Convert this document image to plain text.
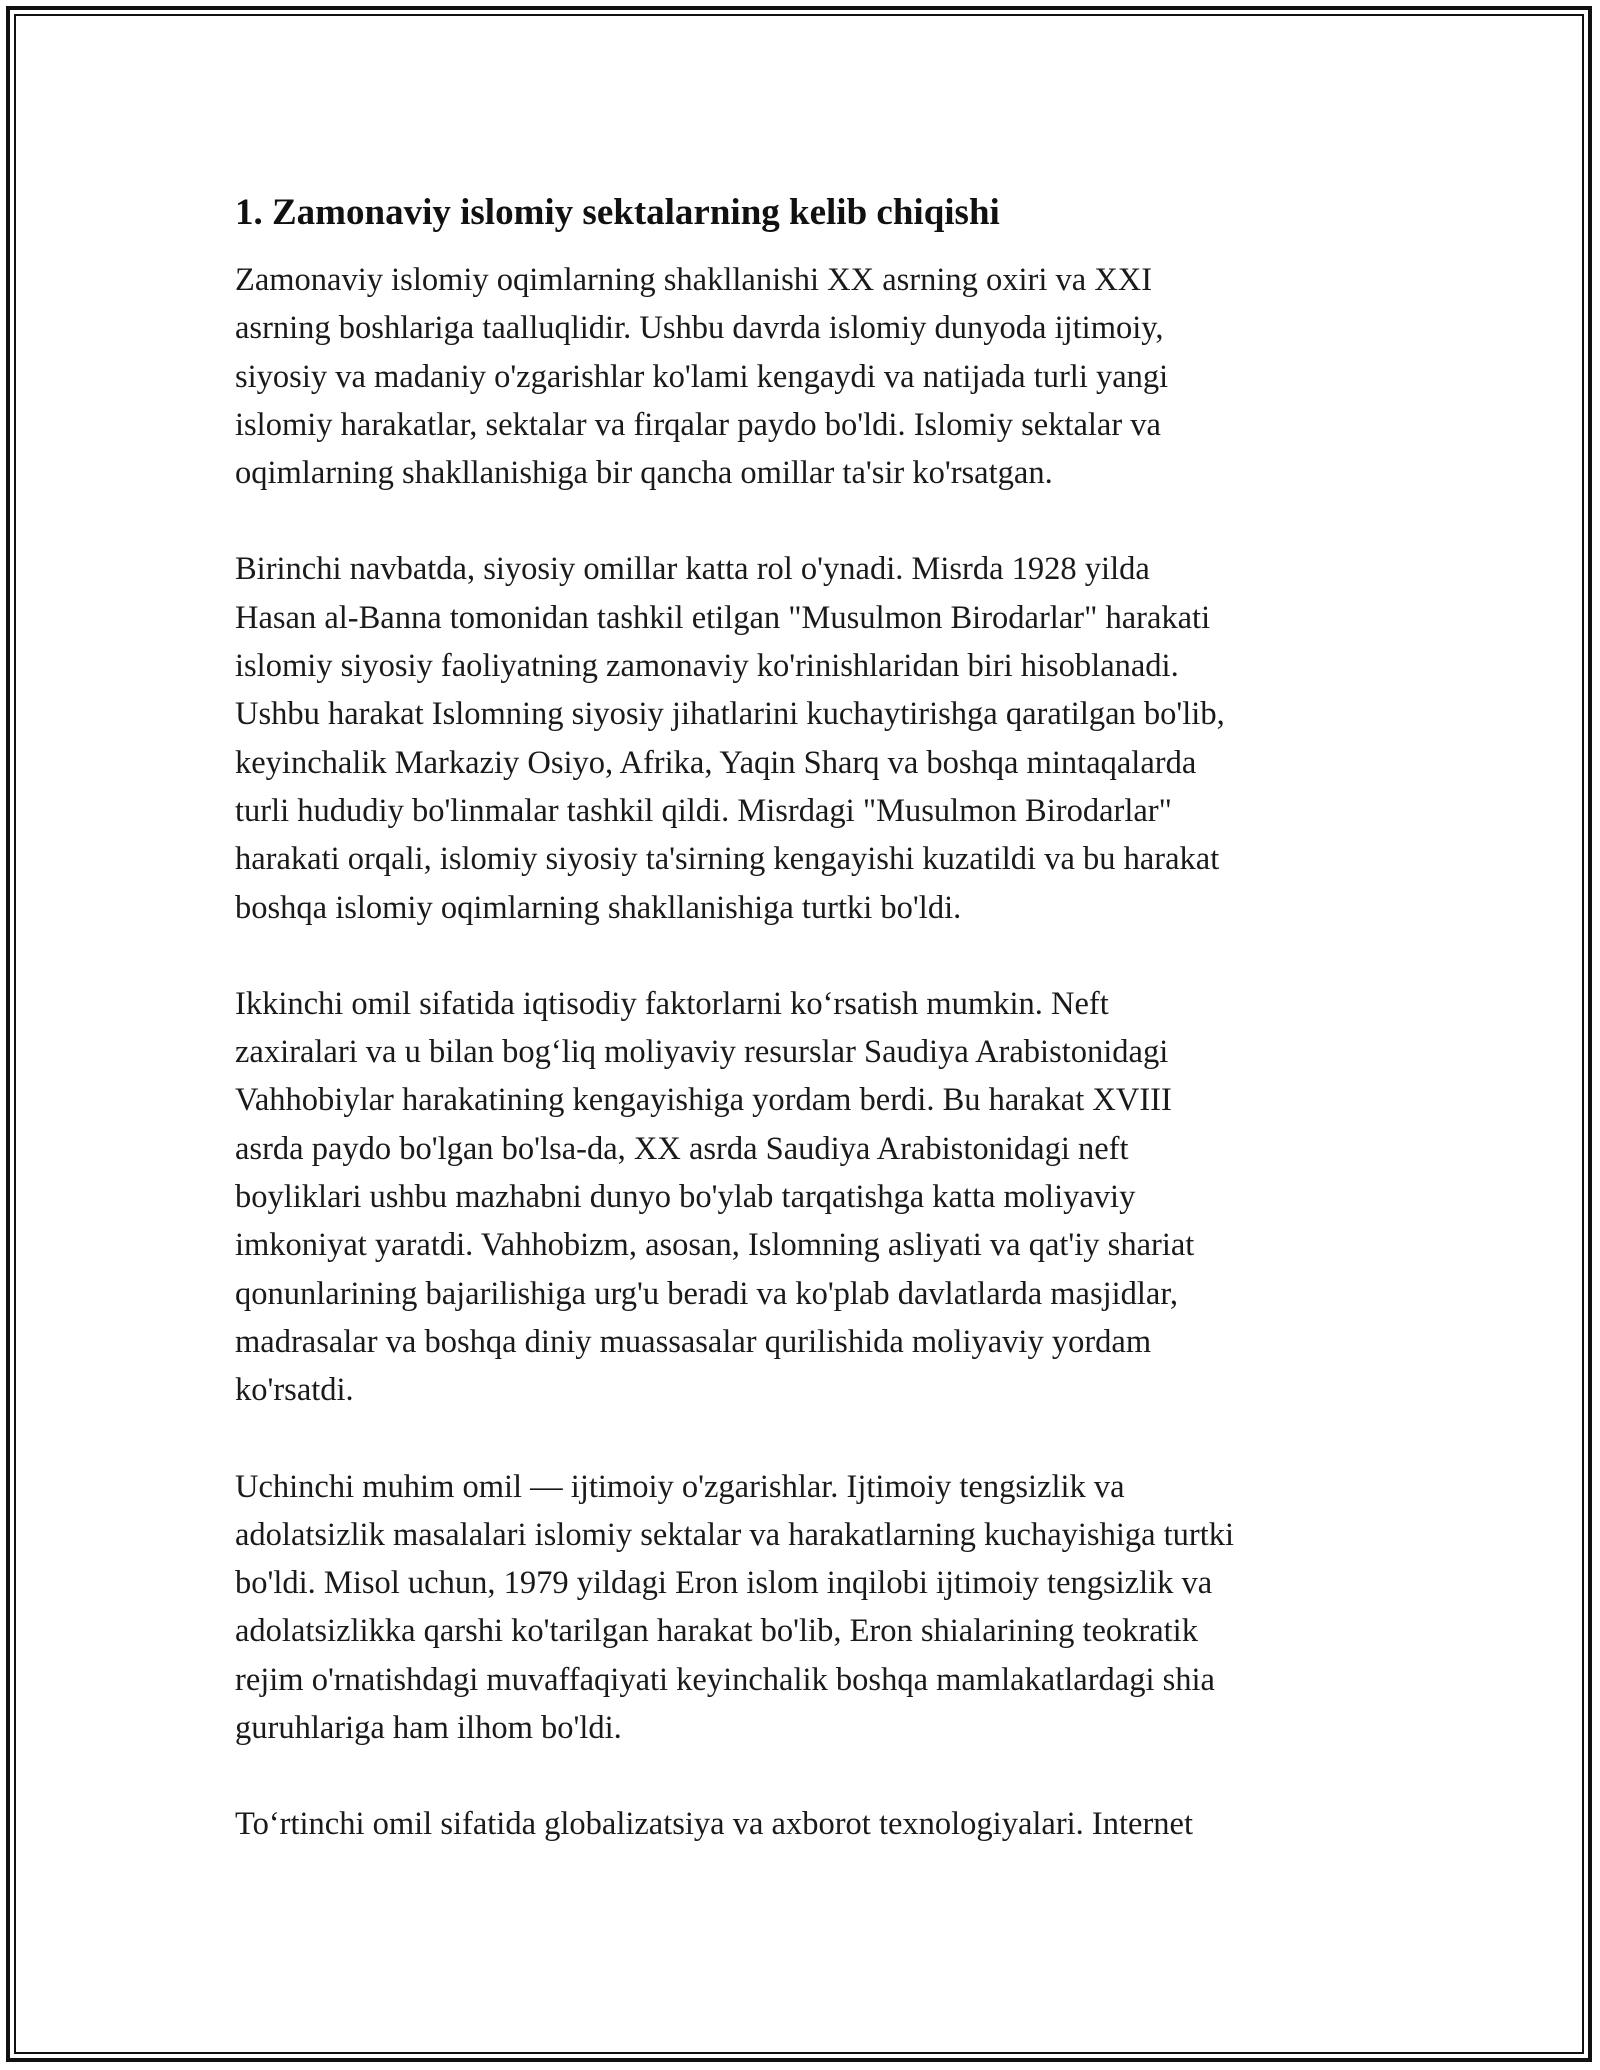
1. Zamonaviy islomiy sektalarning kelib chiqishi

Zamonaviy islomiy oqimlarning shakllanishi XX asrning oxiri va XXI
asrning boshlariga taalluqlidir. Ushbu davrda islomiy dunyoda ijtimoiy,
siyosiy va madaniy o'zgarishlar ko'lami kengaydi va natijada turli yangi
islomiy harakatlar, sektalar va firqalar paydo bo'ldi. Islomiy sektalar va
oqimlarning shakllanishiga bir qancha omillar ta'sir ko'rsatgan.

Birinchi navbatda, siyosiy omillar katta rol o'ynadi. Misrda 1928 yilda
Hasan al-Banna tomonidan tashkil etilgan "Musulmon Birodarlar" harakati
islomiy siyosiy faoliyatning zamonaviy ko'rinishlaridan biri hisoblanadi.
Ushbu harakat Islomning siyosiy jihatlarini kuchaytirishga qaratilgan bo'lib,
keyinchalik Markaziy Osiyo, Afrika, Yaqin Sharq va boshqa mintaqalarda
turli hududiy bo'linmalar tashkil qildi. Misrdagi "Musulmon Birodarlar"
harakati orqali, islomiy siyosiy ta'sirning kengayishi kuzatildi va bu harakat
boshqa islomiy oqimlarning shakllanishiga turtki bo'ldi.

Ikkinchi omil sifatida iqtisodiy faktorlarni ko‘rsatish mumkin. Neft
zaxiralari va u bilan bog‘liq moliyaviy resurslar Saudiya Arabistonidagi
Vahhobiylar harakatining kengayishiga yordam berdi. Bu harakat XVIII
asrda paydo bo'lgan bo'lsa-da, XX asrda Saudiya Arabistonidagi neft
boyliklari ushbu mazhabni dunyo bo'ylab tarqatishga katta moliyaviy
imkoniyat yaratdi. Vahhobizm, asosan, Islomning asliyati va qat'iy shariat
qonunlarining bajarilishiga urg'u beradi va ko'plab davlatlarda masjidlar,
madrasalar va boshqa diniy muassasalar qurilishida moliyaviy yordam
ko'rsatdi.

Uchinchi muhim omil — ijtimoiy o'zgarishlar. Ijtimoiy tengsizlik va
adolatsizlik masalalari islomiy sektalar va harakatlarning kuchayishiga turtki
bo'ldi. Misol uchun, 1979 yildagi Eron islom inqilobi ijtimoiy tengsizlik va
adolatsizlikka qarshi ko'tarilgan harakat bo'lib, Eron shialarining teokratik
rejim o'rnatishdagi muvaffaqiyati keyinchalik boshqa mamlakatlardagi shia
guruhlariga ham ilhom bo'ldi.

To‘rtinchi omil sifatida globalizatsiya va axborot texnologiyalari. Internet
